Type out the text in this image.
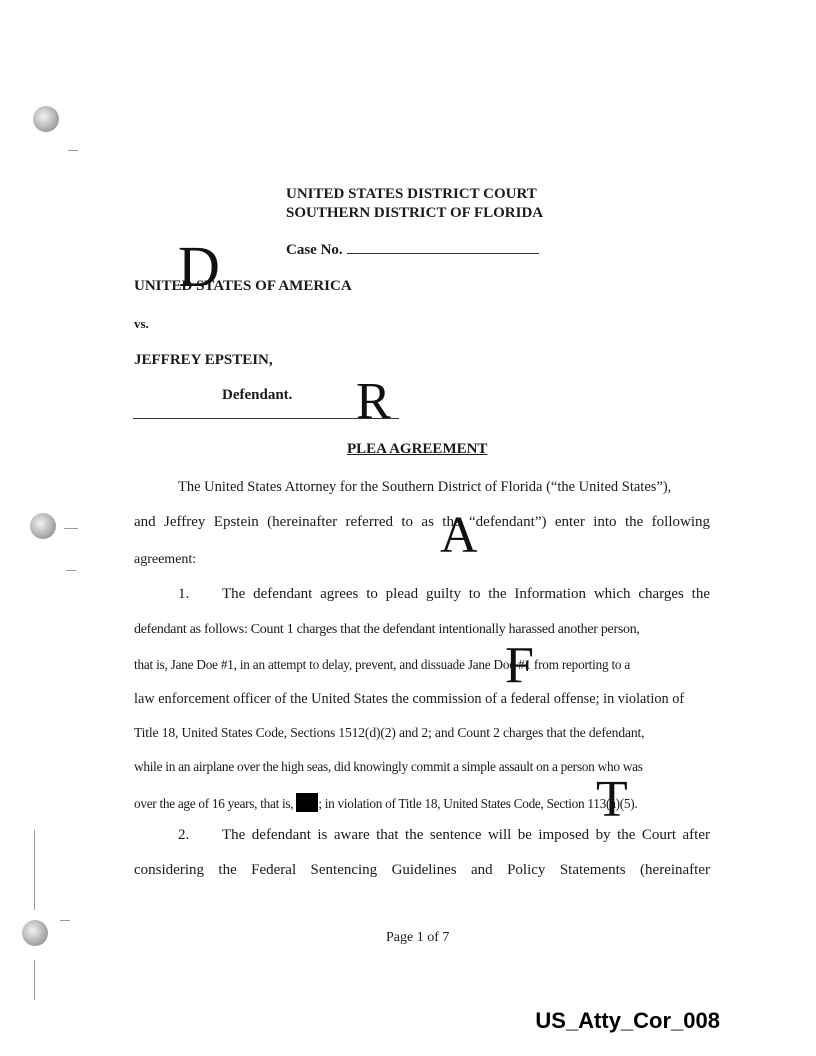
UNITED STATES DISTRICT COURT
SOUTHERN DISTRICT OF FLORIDA
Case No.
UNITED STATES OF AMERICA
vs.
JEFFREY EPSTEIN,
Defendant.
D
R
A
F
T
PLEA AGREEMENT
The United States Attorney for the Southern District of Florida (“the United States”),
and Jeffrey Epstein (hereinafter referred to as the “defendant”) enter into the following
agreement:
1. The defendant agrees to plead guilty to the Information which charges the
defendant as follows: Count 1 charges that the defendant intentionally harassed another person,
that is, Jane Doe #1, in an attempt to delay, prevent, and dissuade Jane Doe #1 from reporting to a
law enforcement officer of the United States the commission of a federal offense; in violation of
Title 18, United States Code, Sections 1512(d)(2) and 2; and Count 2 charges that the defendant,
while in an airplane over the high seas, did knowingly commit a simple assault on a person who was
over the age of 16 years, that is, ; in violation of Title 18, United States Code, Section 113(a)(5).
2. The defendant is aware that the sentence will be imposed by the Court after
considering the Federal Sentencing Guidelines and Policy Statements (hereinafter
Page 1 of 7
US_Atty_Cor_008
